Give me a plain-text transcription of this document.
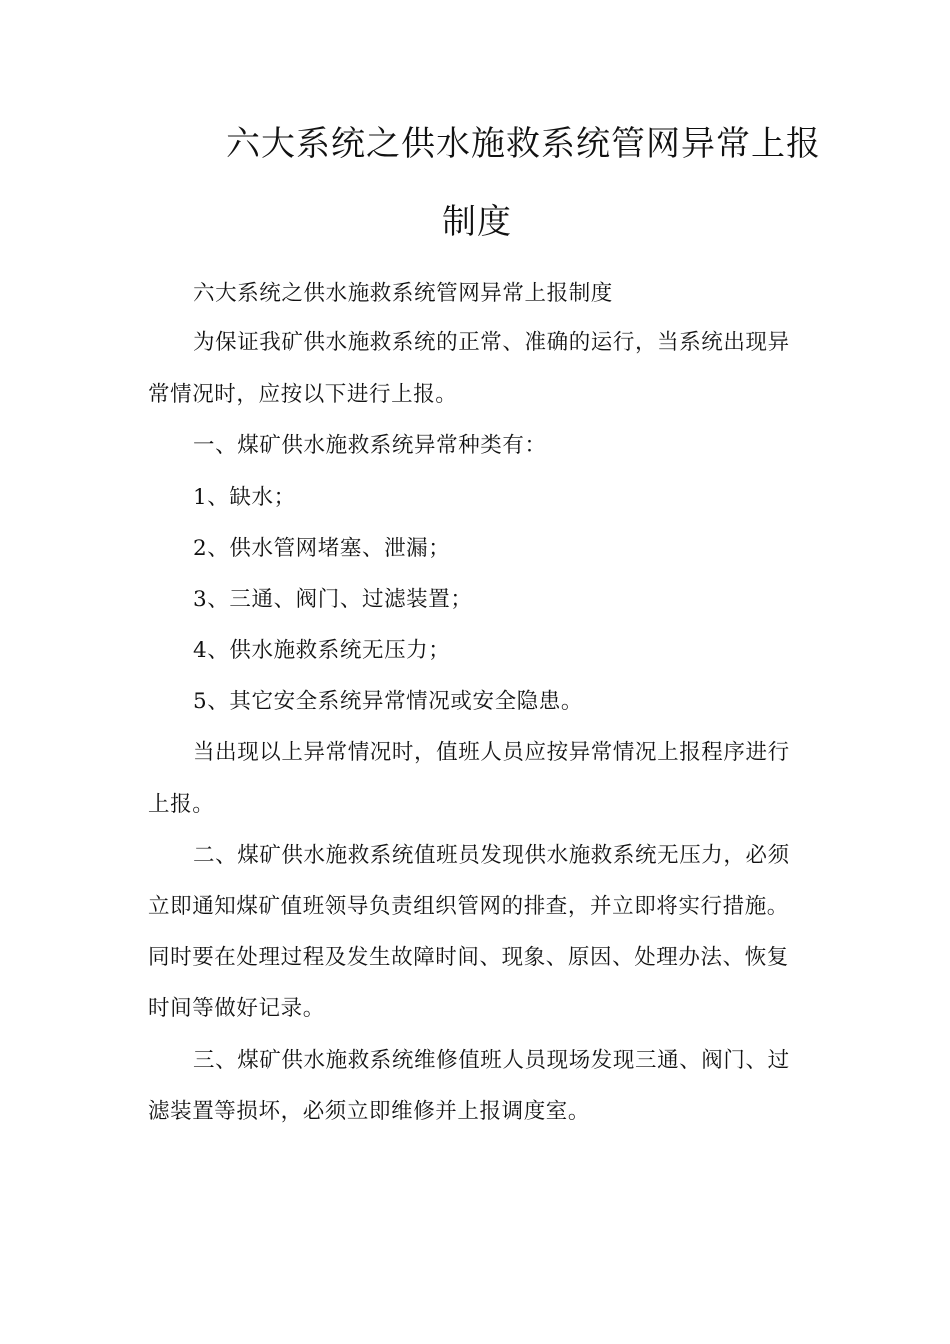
六大系统之供水施救系统管网异常上报
制度
六大系统之供水施救系统管网异常上报制度
为保证我矿供水施救系统的正常、准确的运行，当系统出现异
常情况时，应按以下进行上报。
一、煤矿供水施救系统异常种类有：
1、缺水；
2、供水管网堵塞、泄漏；
3、三通、阀门、过滤装置；
4、供水施救系统无压力；
5、其它安全系统异常情况或安全隐患。
当出现以上异常情况时，值班人员应按异常情况上报程序进行
上报。
二、煤矿供水施救系统值班员发现供水施救系统无压力，必须
立即通知煤矿值班领导负责组织管网的排查，并立即将实行措施。
同时要在处理过程及发生故障时间、现象、原因、处理办法、恢复
时间等做好记录。
三、煤矿供水施救系统维修值班人员现场发现三通、阀门、过
滤装置等损坏，必须立即维修并上报调度室。
